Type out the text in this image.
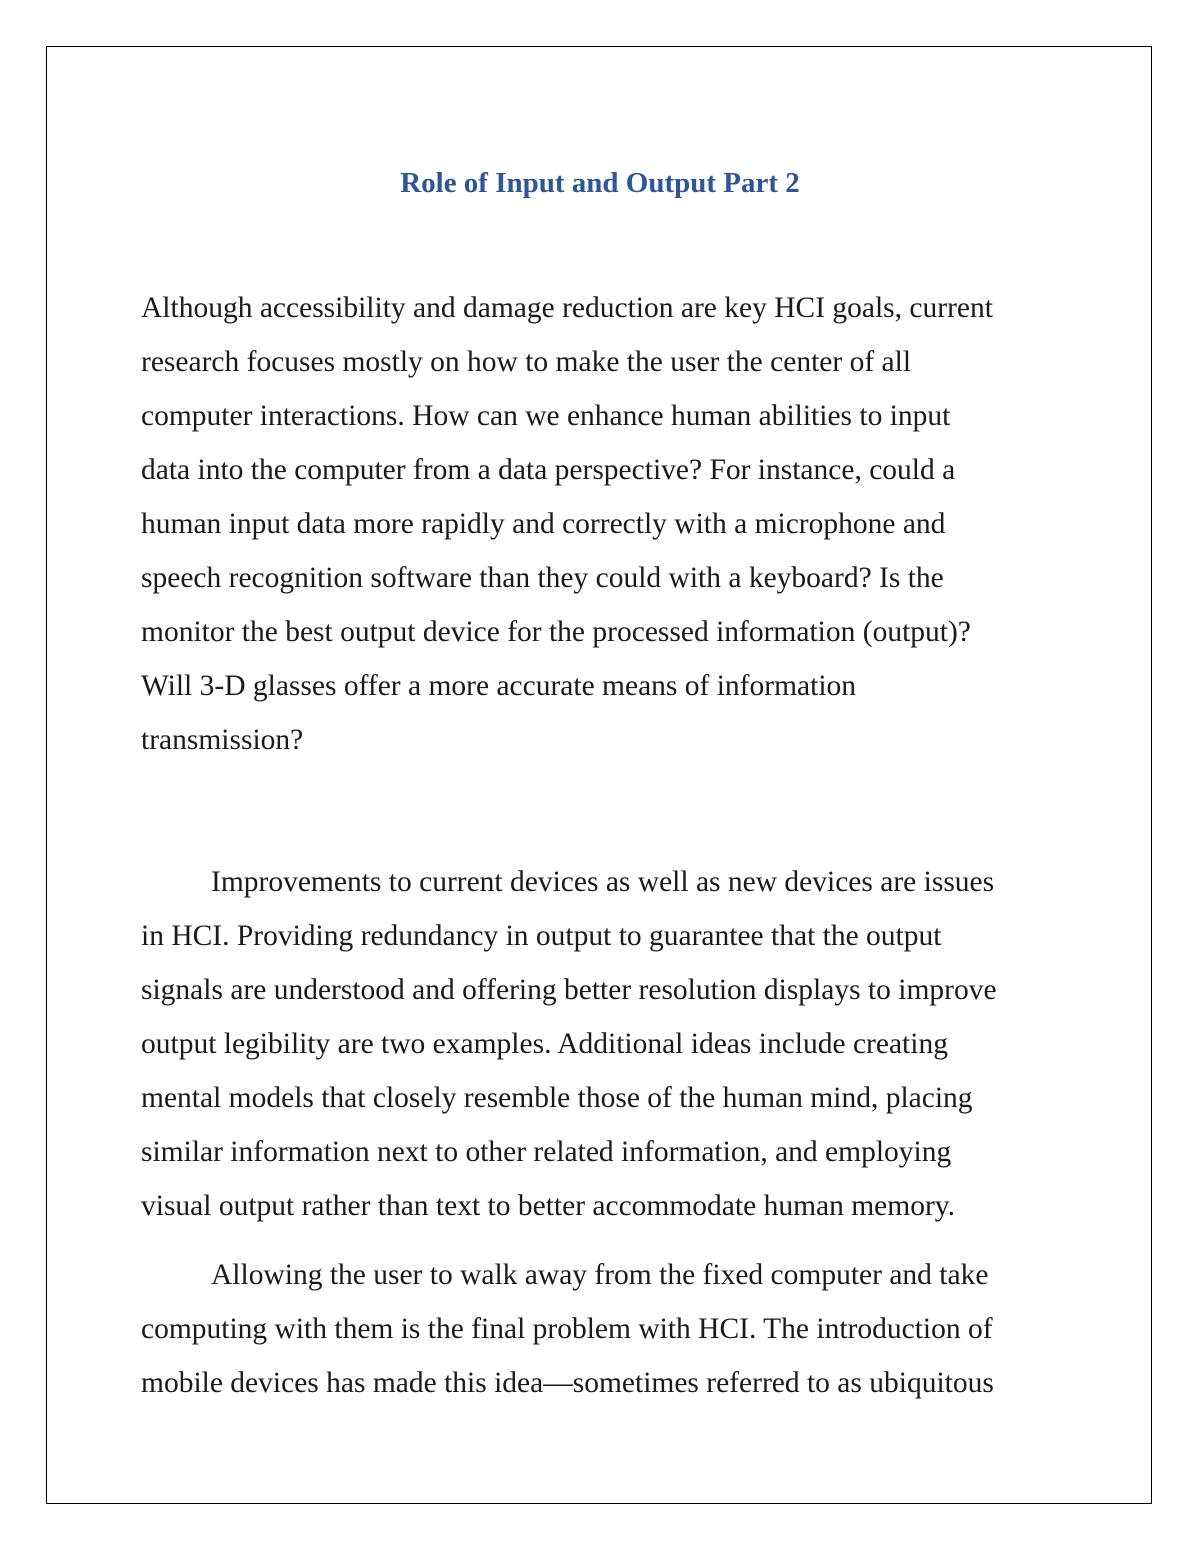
Role of Input and Output Part 2

Although accessibility and damage reduction are key HCI goals, current
research focuses mostly on how to make the user the center of all
computer interactions. How can we enhance human abilities to input
data into the computer from a data perspective? For instance, could a
human input data more rapidly and correctly with a microphone and
speech recognition software than they could with a keyboard? Is the
monitor the best output device for the processed information (output)?
Will 3-D glasses offer a more accurate means of information
transmission?

Improvements to current devices as well as new devices are issues
in HCI. Providing redundancy in output to guarantee that the output
signals are understood and offering better resolution displays to improve
output legibility are two examples. Additional ideas include creating
mental models that closely resemble those of the human mind, placing
similar information next to other related information, and employing
visual output rather than text to better accommodate human memory.

Allowing the user to walk away from the fixed computer and take
computing with them is the final problem with HCI. The introduction of
mobile devices has made this idea—sometimes referred to as ubiquitous
